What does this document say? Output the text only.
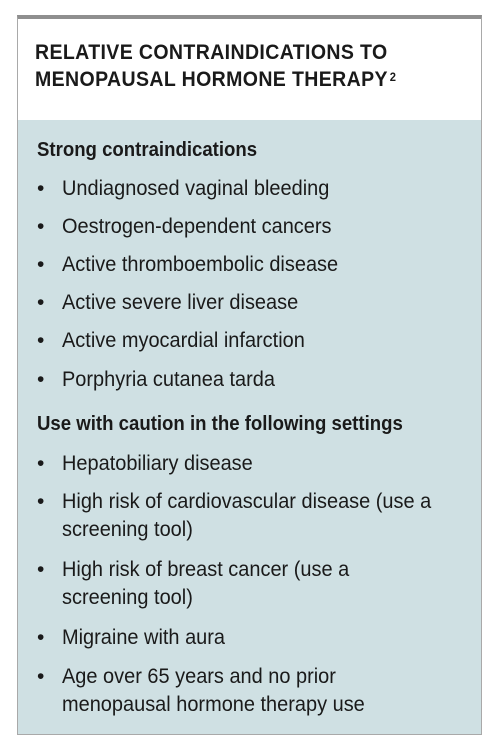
RELATIVE CONTRAINDICATIONS TO
MENOPAUSAL HORMONE THERAPY $^2$
Strong contraindications
• Undiagnosed vaginal bleeding
• Oestrogen-dependent cancers
• Active thromboembolic disease
• Active severe liver disease
• Active myocardial infarction
• Porphyria cutanea tarda
Use with caution in the following settings
• Hepatobiliary disease
• High risk of cardiovascular disease (use a screening tool)
• High risk of breast cancer (use a screening tool)
• Migraine with aura
• Age over 65 years and no prior menopausal hormone therapy use
